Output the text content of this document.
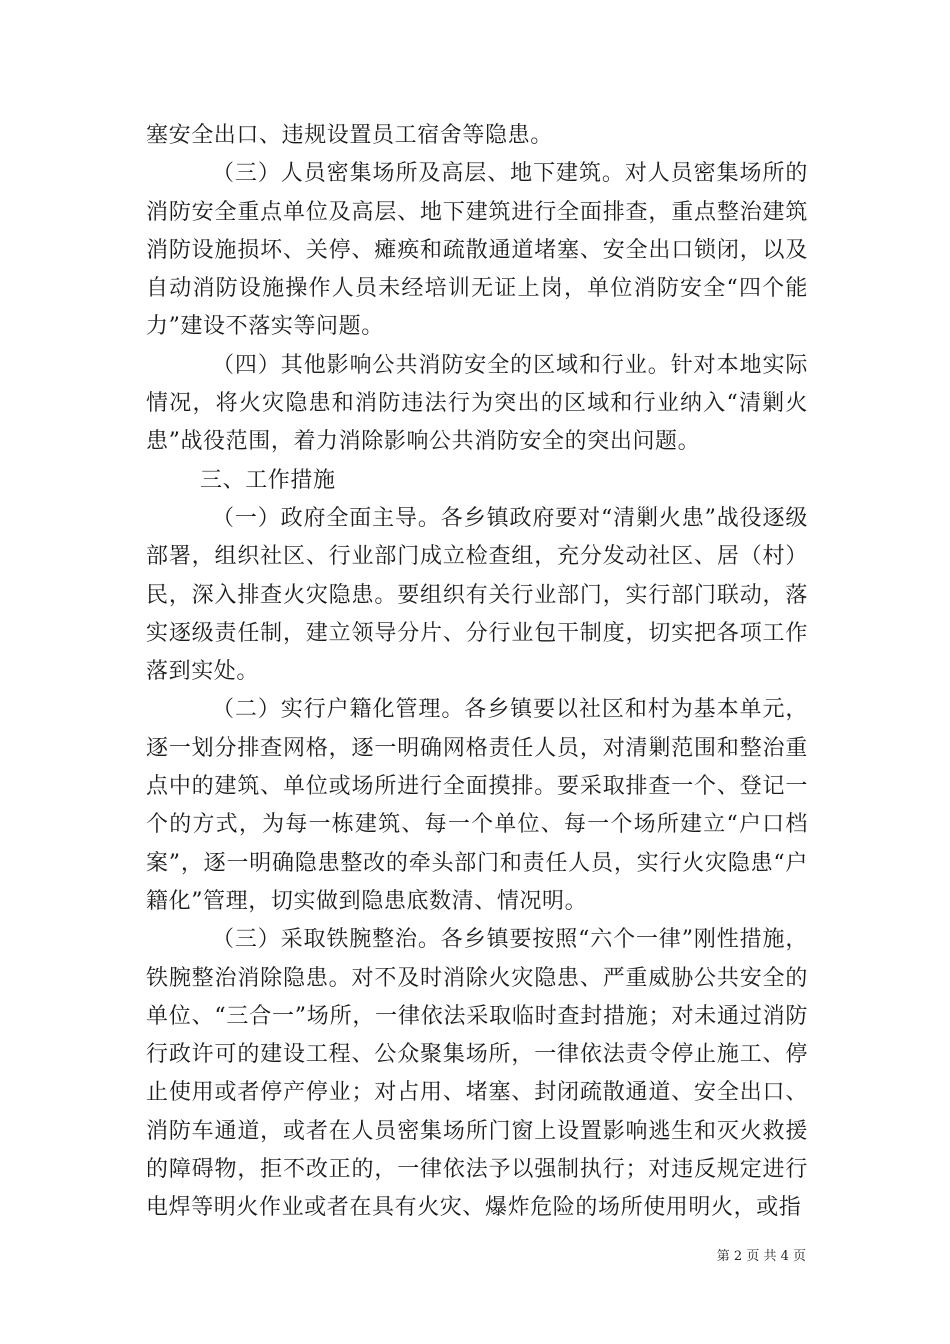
塞安全出口、违规设置员工宿舍等隐患。

（三）人员密集场所及高层、地下建筑。对人员密集场所的消防安全重点单位及高层、地下建筑进行全面排查，重点整治建筑消防设施损坏、关停、瘫痪和疏散通道堵塞、安全出口锁闭，以及自动消防设施操作人员未经培训无证上岗，单位消防安全“四个能力”建设不落实等问题。

（四）其他影响公共消防安全的区域和行业。针对本地实际情况，将火灾隐患和消防违法行为突出的区域和行业纳入“清剿火患”战役范围，着力消除影响公共消防安全的突出问题。

三、工作措施

（一）政府全面主导。各乡镇政府要对“清剿火患”战役逐级部署，组织社区、行业部门成立检查组，充分发动社区、居（村）民，深入排查火灾隐患。要组织有关行业部门，实行部门联动，落实逐级责任制，建立领导分片、分行业包干制度，切实把各项工作落到实处。

（二）实行户籍化管理。各乡镇要以社区和村为基本单元，逐一划分排查网格，逐一明确网格责任人员，对清剿范围和整治重点中的建筑、单位或场所进行全面摸排。要采取排查一个、登记一个的方式，为每一栋建筑、每一个单位、每一个场所建立“户口档案”，逐一明确隐患整改的牵头部门和责任人员，实行火灾隐患“户籍化”管理，切实做到隐患底数清、情况明。

（三）采取铁腕整治。各乡镇要按照“六个一律”刚性措施，铁腕整治消除隐患。对不及时消除火灾隐患、严重威胁公共安全的单位、“三合一”场所，一律依法采取临时查封措施；对未通过消防行政许可的建设工程、公众聚集场所，一律依法责令停止施工、停止使用或者停产停业；对占用、堵塞、封闭疏散通道、安全出口、消防车通道，或者在人员密集场所门窗上设置影响逃生和灭火救援的障碍物，拒不改正的，一律依法予以强制执行；对违反规定进行电焊等明火作业或者在具有火灾、爆炸危险的场所使用明火，或指

第 2 页 共 4 页
